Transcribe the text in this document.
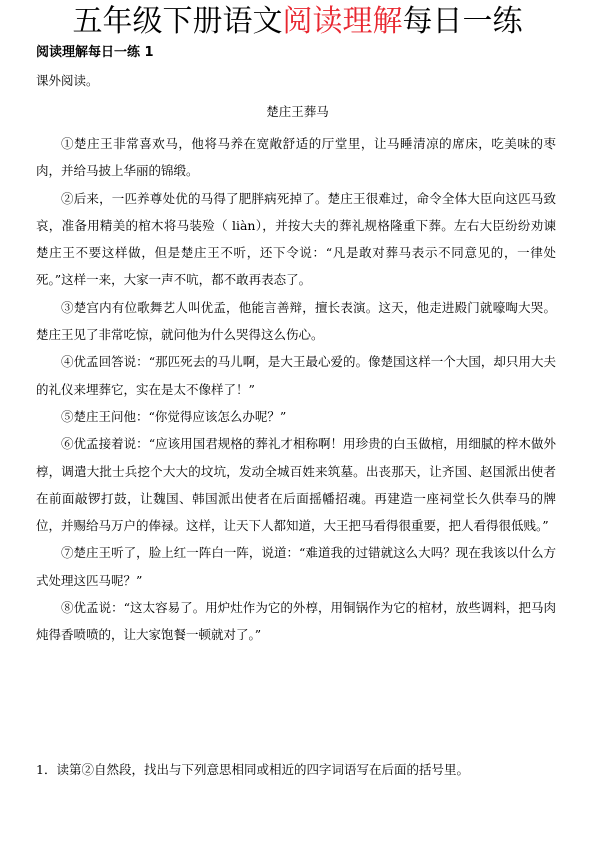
五年级下册语文阅读理解每日一练
阅读理解每日一练 1
课外阅读。
楚庄王葬马

①楚庄王非常喜欢马，他将马养在宽敞舒适的厅堂里，让马睡清凉的席床，吃美味的枣肉，并给马披上华丽的锦缎。

②后来，一匹养尊处优的马得了肥胖病死掉了。楚庄王很难过，命令全体大臣向这匹马致哀，准备用精美的棺木将马装殓（ liàn），并按大夫的葬礼规格隆重下葬。左右大臣纷纷劝谏楚庄王不要这样做，但是楚庄王不听，还下令说：“凡是敢对葬马表示不同意见的，一律处死。”这样一来，大家一声不吭，都不敢再表态了。

③楚宫内有位歌舞艺人叫优孟，他能言善辩，擅长表演。这天，他走进殿门就嚎啕大哭。楚庄王见了非常吃惊，就问他为什么哭得这么伤心。

④优孟回答说：“那匹死去的马儿啊，是大王最心爱的。像楚国这样一个大国，却只用大夫的礼仪来埋葬它，实在是太不像样了！”

⑤楚庄王问他：“你觉得应该怎么办呢？”

⑥优孟接着说：“应该用国君规格的葬礼才相称啊！用珍贵的白玉做棺，用细腻的梓木做外椁，调遣大批士兵挖个大大的坟坑，发动全城百姓来筑墓。出丧那天，让齐国、赵国派出使者在前面敲锣打鼓，让魏国、韩国派出使者在后面摇幡招魂。再建造一座祠堂长久供奉马的牌位，并赐给马万户的俸禄。这样，让天下人都知道，大王把马看得很重要，把人看得很低贱。”

⑦楚庄王听了，脸上红一阵白一阵，说道：“难道我的过错就这么大吗？现在我该以什么方式处理这匹马呢？”

⑧优孟说：“这太容易了。用炉灶作为它的外椁，用铜锅作为它的棺材，放些调料，把马肉炖得香喷喷的，让大家饱餐一顿就对了。”

1．读第②自然段，找出与下列意思相同或相近的四字词语写在后面的括号里。
